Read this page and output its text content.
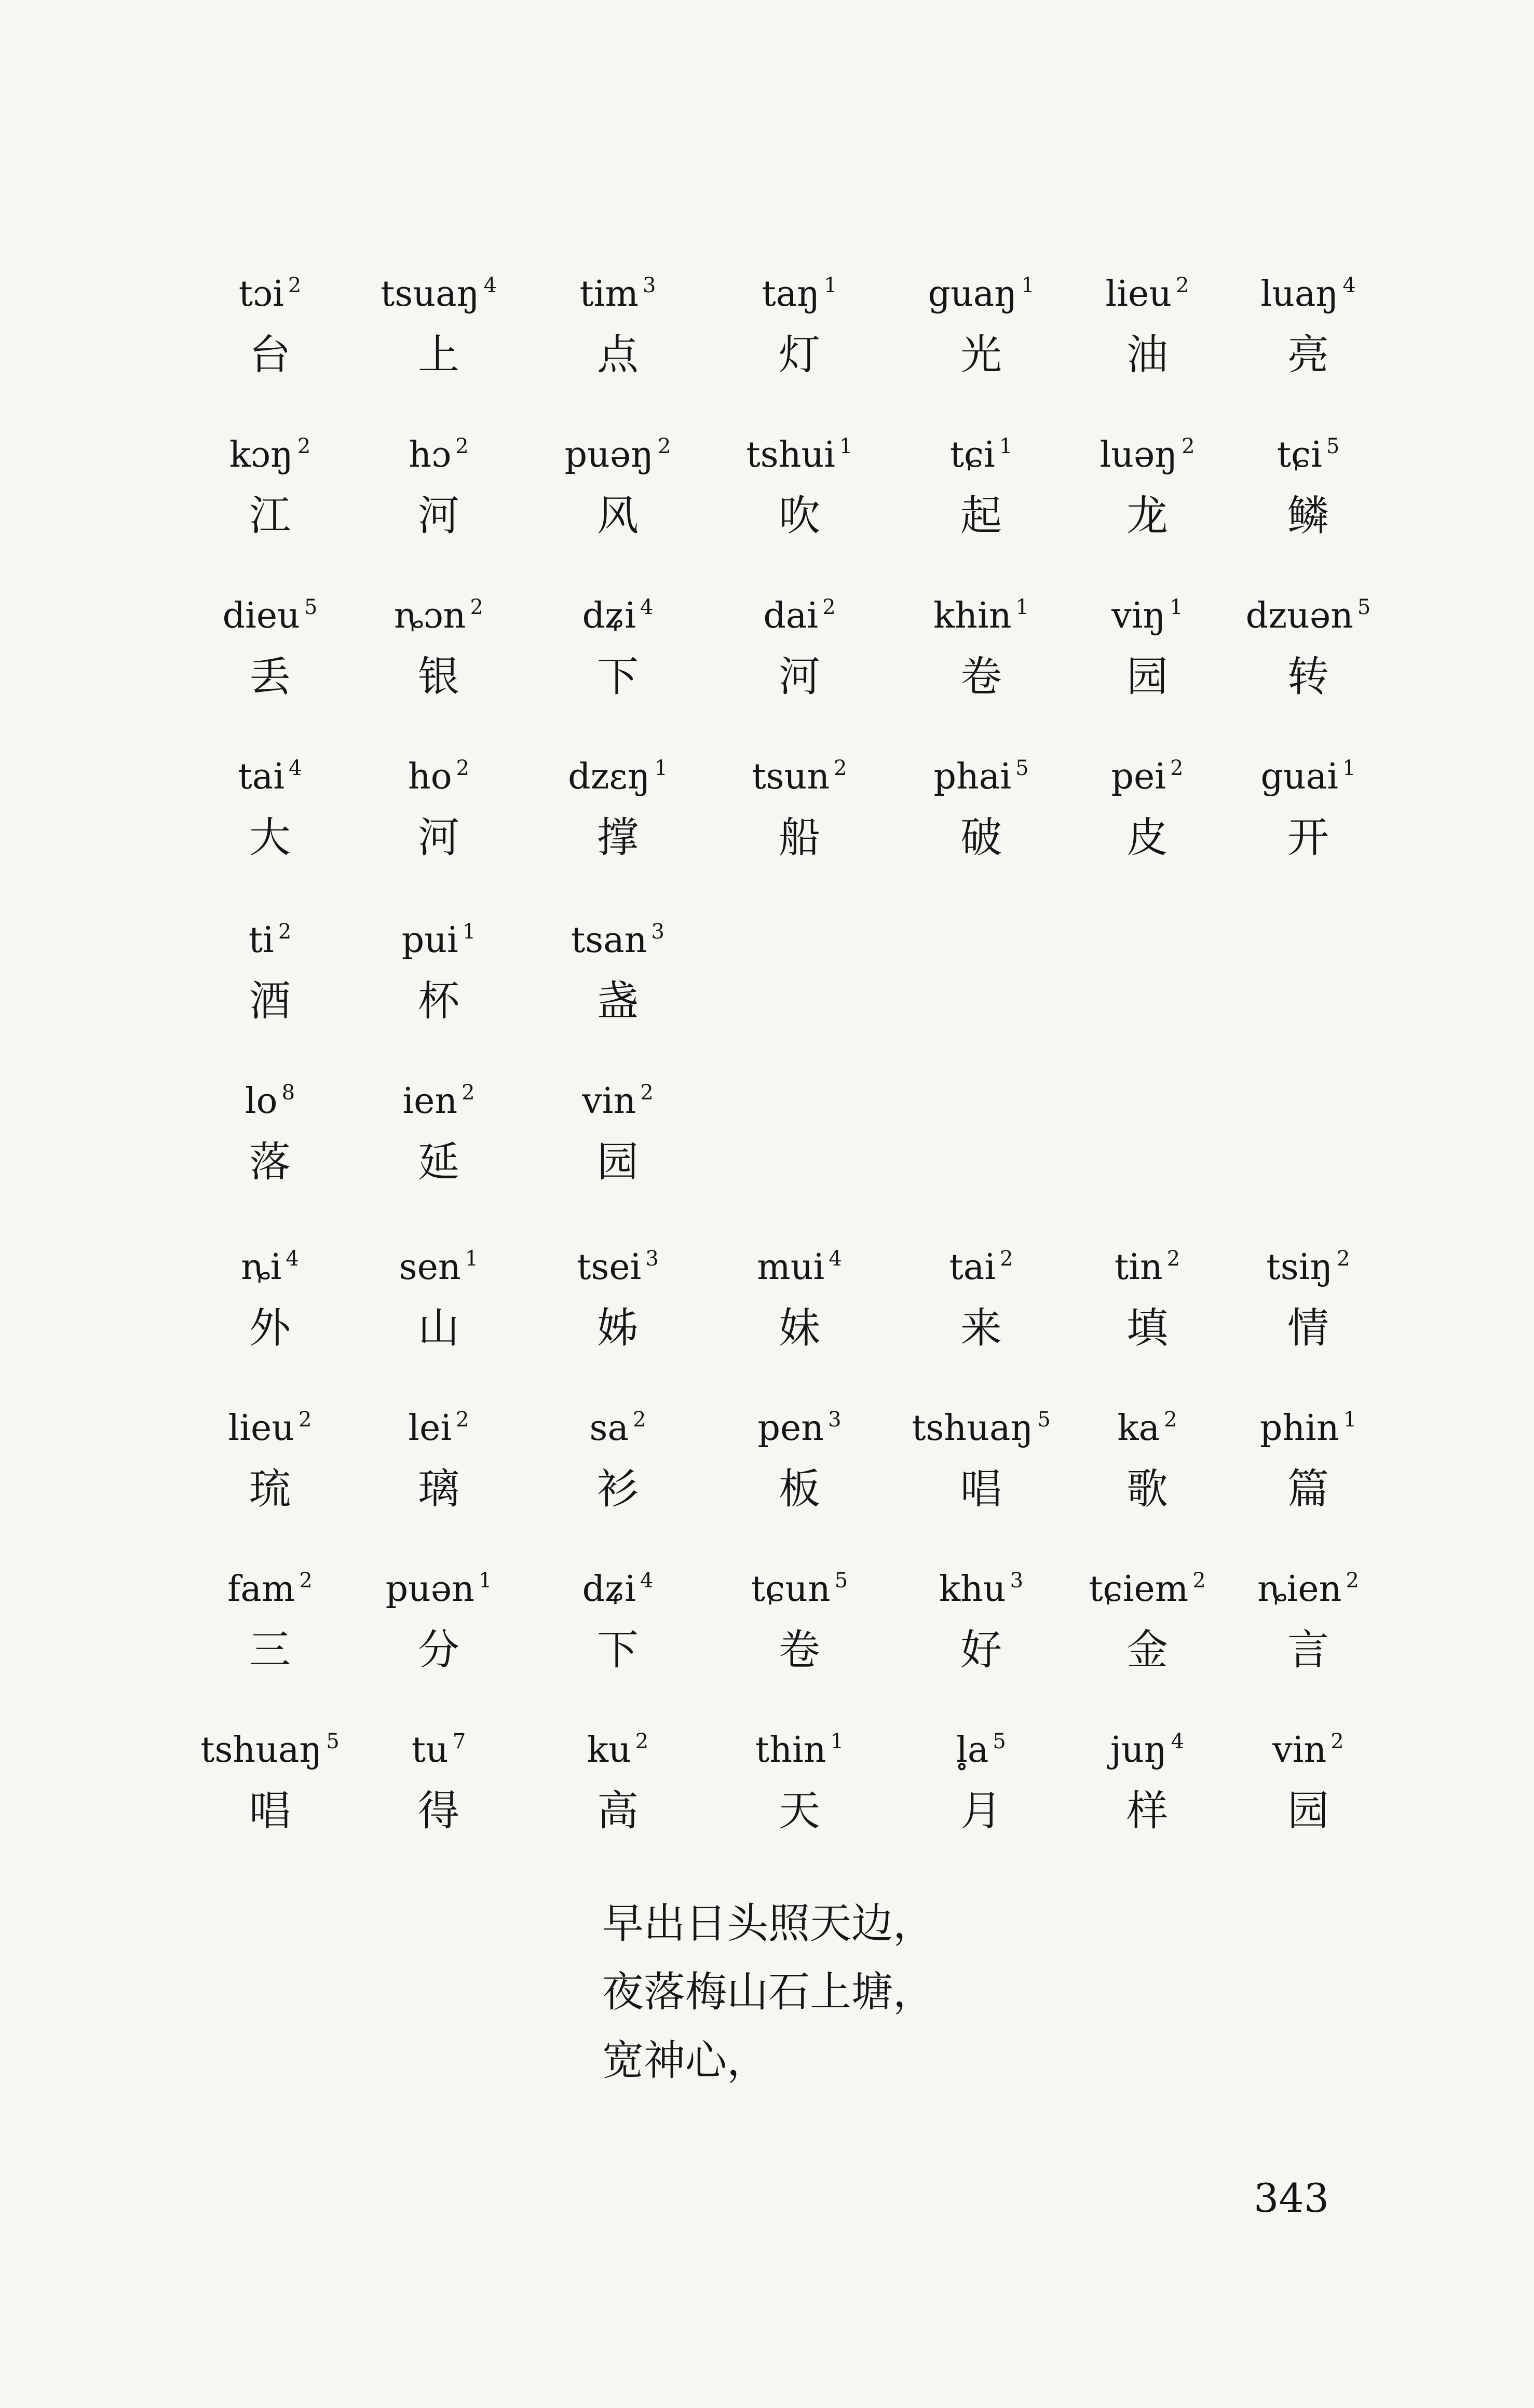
tɔi $^2$
台
tsuaŋ $^4$
上
tim $^3$
点
taŋ $^1$
灯
guaŋ $^1$
光
lieu $^2$
油
luaŋ $^4$
亮
kɔŋ $^2$
江
hɔ $^2$
河
puəŋ $^2$
风
tshui $^1$
吹
tɕi $^1$
起
luəŋ $^2$
龙
tɕi $^5$
鳞
dieu $^5$
丢
ȵɔn $^2$
银
dʑi $^4$
下
dai $^2$
河
khin $^1$
卷
viŋ $^1$
园
dzuən $^5$
转
tai $^4$
大
ho $^2$
河
dzɛŋ $^1$
撑
tsun $^2$
船
phai $^5$
破
pei $^2$
皮
guai $^1$
开
ti $^2$
酒
pui $^1$
杯
tsan $^3$
盏
lo $^8$
落
ien $^2$
延
vin $^2$
园
ȵi $^4$
外
sen $^1$
山
tsei $^3$
姊
mui $^4$
妹
tai $^2$
来
tin $^2$
填
tsiŋ $^2$
情
lieu $^2$
琉
lei $^2$
璃
sa $^2$
衫
pen $^3$
板
tshuaŋ $^5$
唱
ka $^2$
歌
phin $^1$
篇
fam $^2$
三
puən $^1$
分
dʑi $^4$
下
tɕun $^5$
卷
khu $^3$
好
tɕiem $^2$
金
ȵien $^2$
言
tshuaŋ $^5$
唱
tu $^7$
得
ku $^2$
高
thin $^1$
天
l̥a $^5$
月
juŋ $^4$
样
vin $^2$
园
早出日头照天边，
夜落梅山石上塘，
宽神心，
343
